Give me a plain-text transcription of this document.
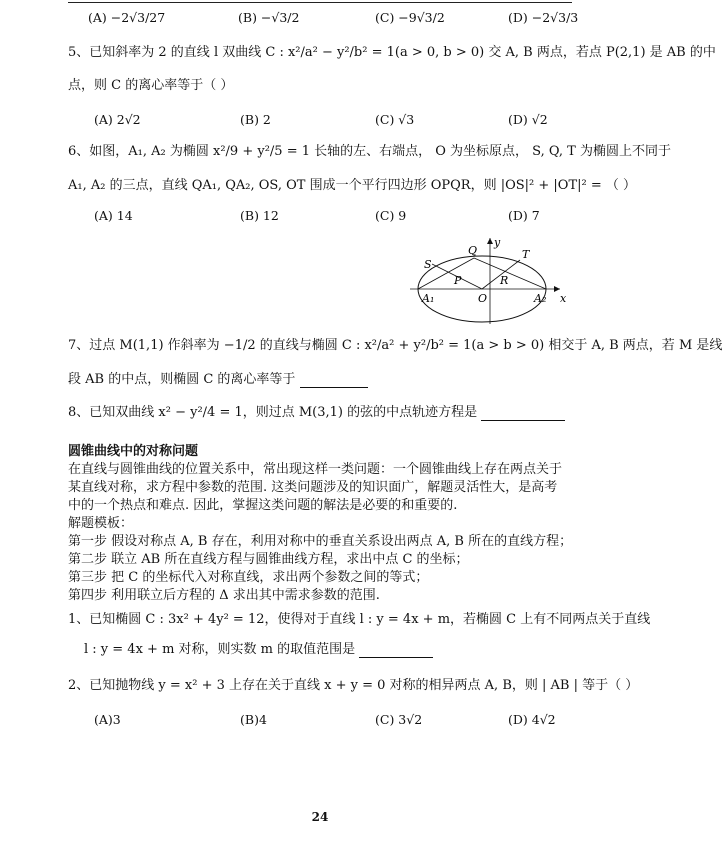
(A) −2√3/27	(B) −√3/2	(C) −9√3/2	(D) −2√3/3
5、已知斜率为 2 的直线 l 双曲线 C : x²/a² − y²/b² = 1(a > 0, b > 0) 交 A, B 两点，若点 P(2,1) 是 AB 的中
点，则 C 的离心率等于（ ）
(A) 2√2	(B) 2	(C) √3	(D) √2
6、如图，A₁, A₂ 为椭圆 x²/9 + y²/5 = 1 长轴的左、右端点， O 为坐标原点， S, Q, T 为椭圆上不同于
A₁, A₂ 的三点，直线 QA₁, QA₂, OS, OT 围成一个平行四边形 OPQR，则 |OS|² + |OT|² = （ ）
(A) 14	(B) 12	(C) 9	(D) 7
Q
y
T
S
P	R
O
A₁	A₂ x
7、过点 M(1,1) 作斜率为 −1/2 的直线与椭圆 C : x²/a² + y²/b² = 1(a > b > 0) 相交于 A, B 两点，若 M 是线
段 AB 的中点，则椭圆 C 的离心率等于
8、已知双曲线 x² − y²/4 = 1，则过点 M(3,1) 的弦的中点轨迹方程是
圆锥曲线中的对称问题
在直线与圆锥曲线的位置关系中，常出现这样一类问题：一个圆锥曲线上存在两点关于
某直线对称，求方程中参数的范围. 这类问题涉及的知识面广，解题灵活性大，是高考
中的一个热点和难点. 因此，掌握这类问题的解法是必要的和重要的.
解题模板：
第一步 假设对称点 A, B 存在，利用对称中的垂直关系设出两点 A, B 所在的直线方程；
第二步 联立 AB 所在直线方程与圆锥曲线方程，求出中点 C 的坐标；
第三步 把 C 的坐标代入对称直线，求出两个参数之间的等式；
第四步 利用联立后方程的 Δ 求出其中需求参数的范围.
1、已知椭圆 C : 3x² + 4y² = 12，使得对于直线 l : y = 4x + m，若椭圆 C 上有不同两点关于直线
l : y = 4x + m 对称，则实数 m 的取值范围是
2、已知抛物线 y = x² + 3 上存在关于直线 x + y = 0 对称的相异两点 A, B，则 | AB | 等于（ ）
(A)3	(B)4	(C) 3√2	(D) 4√2
24
